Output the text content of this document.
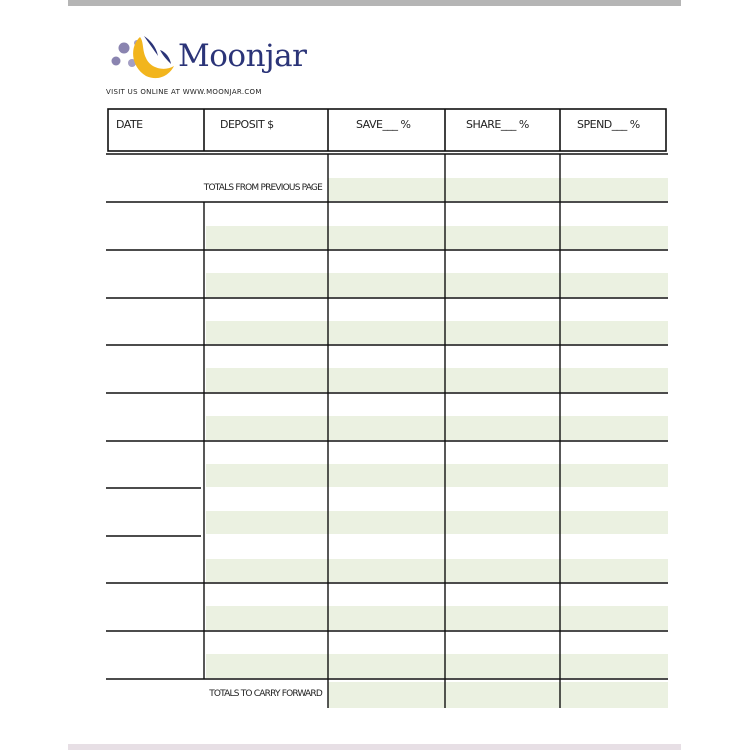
Moonjar
VISIT US ONLINE AT WWW.MOONJAR.COM
DATE	DEPOSIT $	SAVE___ %	SHARE___ %	SPEND___ %
TOTALS FROM PREVIOUS PAGE
TOTALS TO CARRY FORWARD
